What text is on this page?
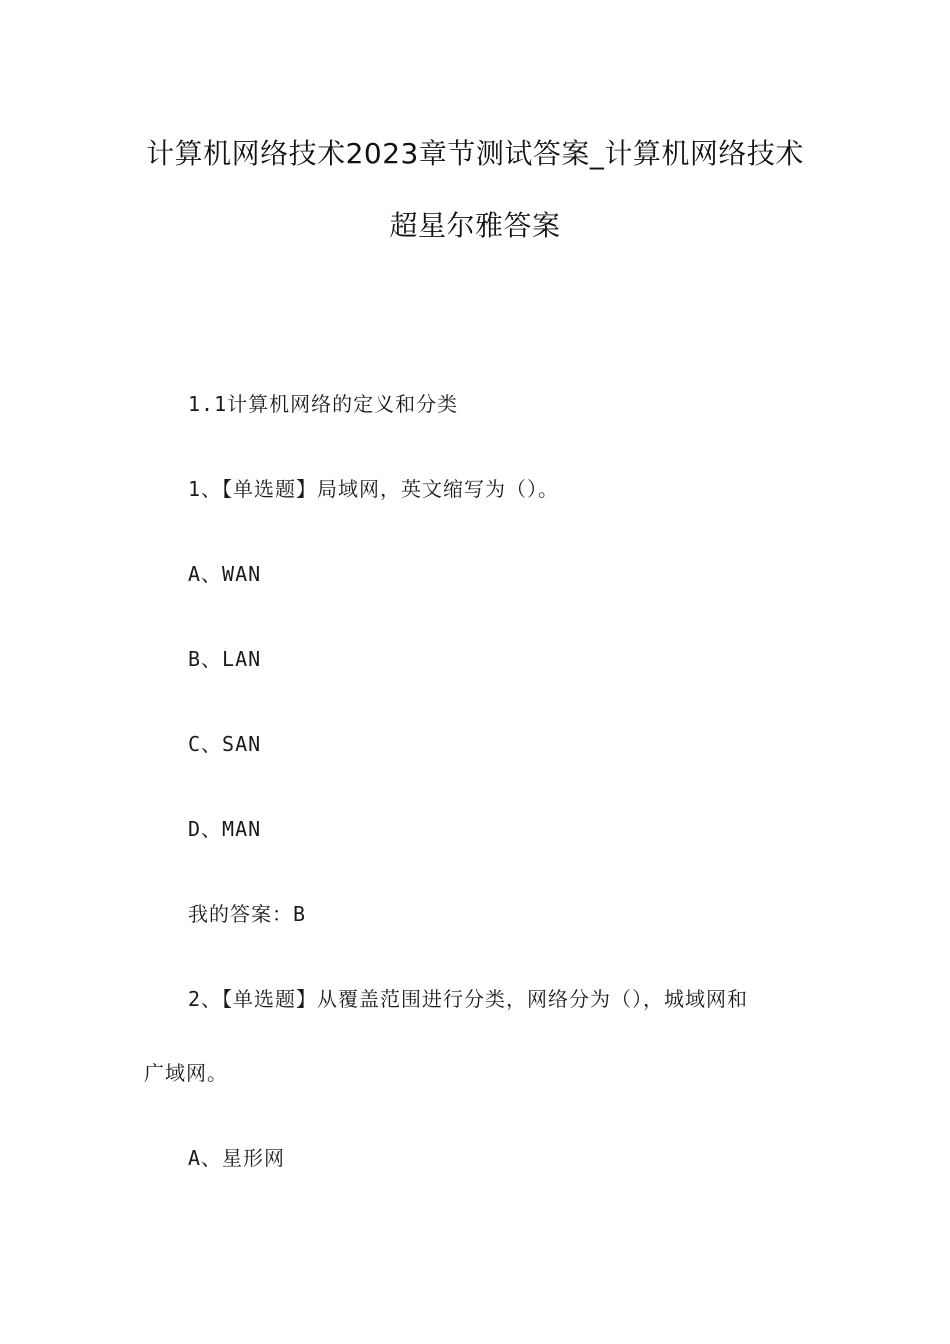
计算机网络技术2023章节测试答案_计算机网络技术
超星尔雅答案
1.1计算机网络的定义和分类
1、【单选题】局域网，英文缩写为（）。
A、WAN
B、LAN
C、SAN
D、MAN
我的答案：B
2、【单选题】从覆盖范围进行分类，网络分为（），城域网和
广域网。
A、星形网
